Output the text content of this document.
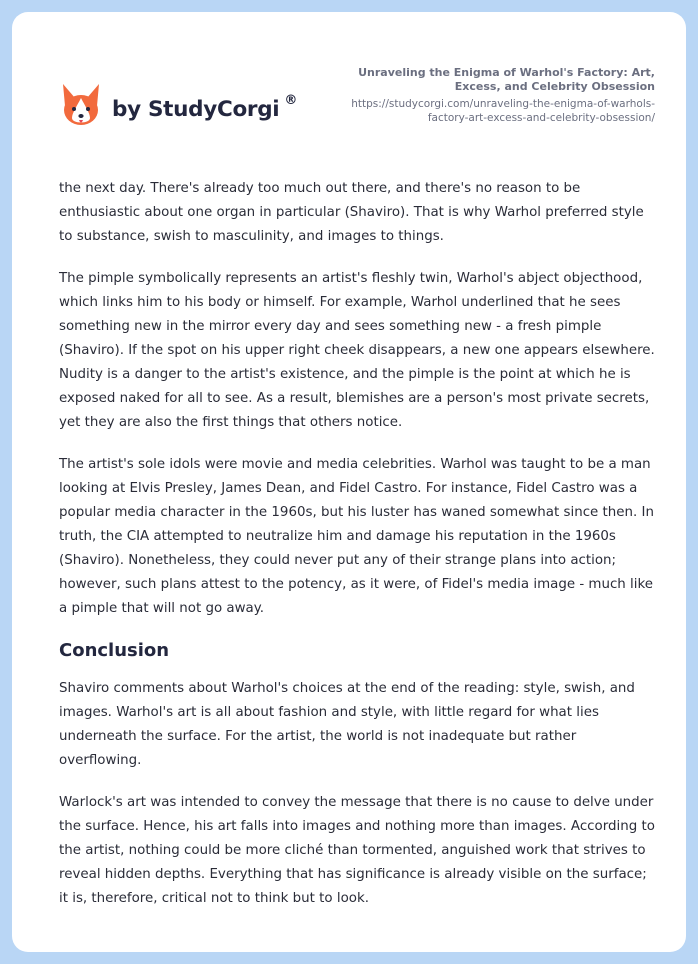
by StudyCorgi ®
Unraveling the Enigma of Warhol's Factory: Art, Excess, and Celebrity Obsession
https://studycorgi.com/unraveling-the-enigma-of-warhols-factory-art-excess-and-celebrity-obsession/

the next day. There's already too much out there, and there's no reason to be enthusiastic about one organ in particular (Shaviro). That is why Warhol preferred style to substance, swish to masculinity, and images to things.

The pimple symbolically represents an artist's fleshly twin, Warhol's abject objecthood, which links him to his body or himself. For example, Warhol underlined that he sees something new in the mirror every day and sees something new - a fresh pimple (Shaviro). If the spot on his upper right cheek disappears, a new one appears elsewhere. Nudity is a danger to the artist's existence, and the pimple is the point at which he is exposed naked for all to see. As a result, blemishes are a person's most private secrets, yet they are also the first things that others notice.

The artist's sole idols were movie and media celebrities. Warhol was taught to be a man looking at Elvis Presley, James Dean, and Fidel Castro. For instance, Fidel Castro was a popular media character in the 1960s, but his luster has waned somewhat since then. In truth, the CIA attempted to neutralize him and damage his reputation in the 1960s (Shaviro). Nonetheless, they could never put any of their strange plans into action; however, such plans attest to the potency, as it were, of Fidel's media image - much like a pimple that will not go away.

Conclusion

Shaviro comments about Warhol's choices at the end of the reading: style, swish, and images. Warhol's art is all about fashion and style, with little regard for what lies underneath the surface. For the artist, the world is not inadequate but rather overflowing.

Warlock's art was intended to convey the message that there is no cause to delve under the surface. Hence, his art falls into images and nothing more than images. According to the artist, nothing could be more cliché than tormented, anguished work that strives to reveal hidden depths. Everything that has significance is already visible on the surface; it is, therefore, critical not to think but to look.
